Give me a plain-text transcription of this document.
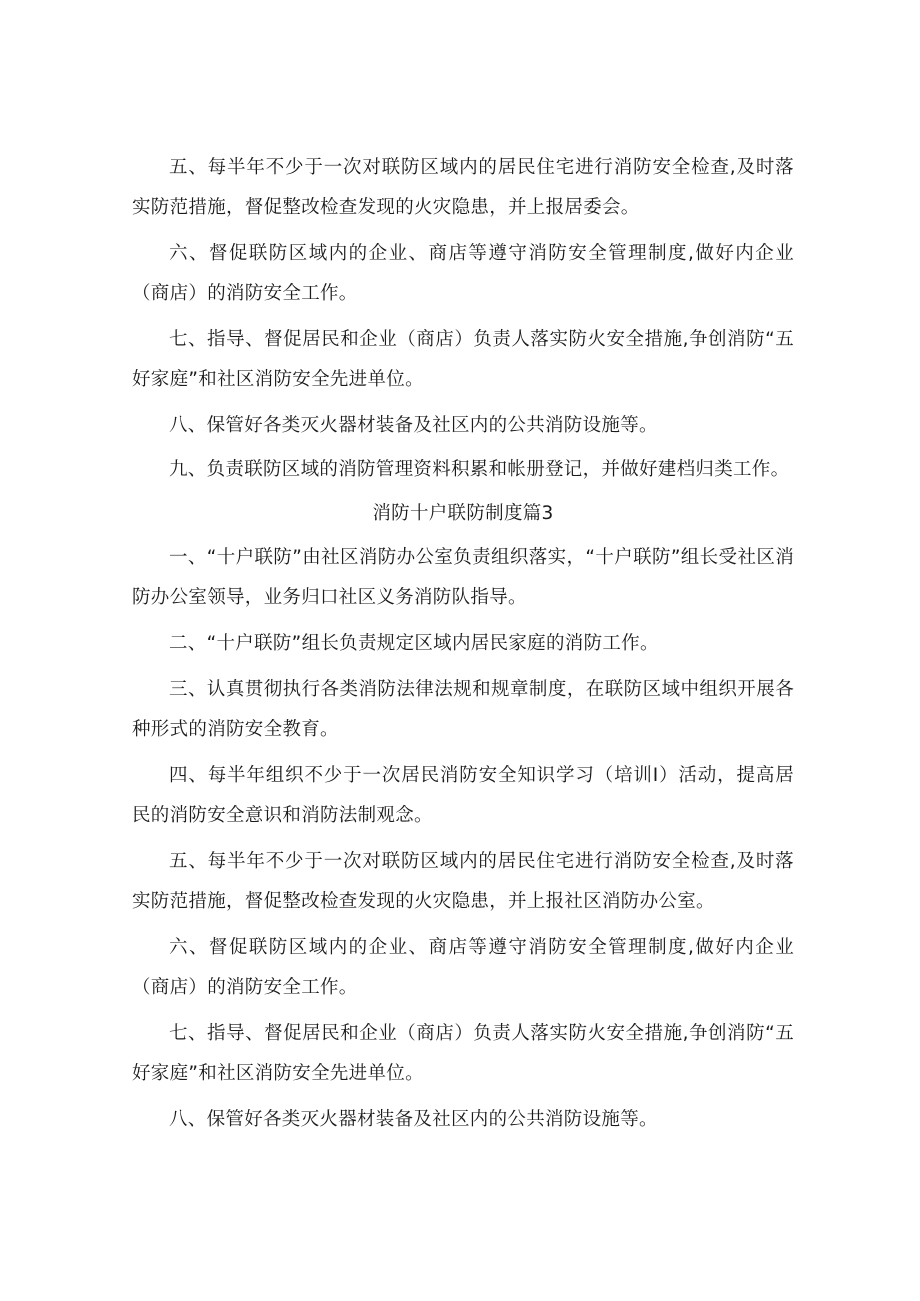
五、每半年不少于一次对联防区域内的居民住宅进行消防安全检查,及时落实防范措施，督促整改检查发现的火灾隐患，并上报居委会。

六、督促联防区域内的企业、商店等遵守消防安全管理制度,做好内企业（商店）的消防安全工作。

七、指导、督促居民和企业（商店）负责人落实防火安全措施,争创消防“五好家庭”和社区消防安全先进单位。

八、保管好各类灭火器材装备及社区内的公共消防设施等。

九、负责联防区域的消防管理资料积累和帐册登记，并做好建档归类工作。

消防十户联防制度篇3

一、“十户联防”由社区消防办公室负责组织落实，“十户联防”组长受社区消防办公室领导，业务归口社区义务消防队指导。

二、“十户联防”组长负责规定区域内居民家庭的消防工作。

三、认真贯彻执行各类消防法律法规和规章制度，在联防区域中组织开展各种形式的消防安全教育。

四、每半年组织不少于一次居民消防安全知识学习（培训I）活动，提高居民的消防安全意识和消防法制观念。

五、每半年不少于一次对联防区域内的居民住宅进行消防安全检查,及时落实防范措施，督促整改检查发现的火灾隐患，并上报社区消防办公室。

六、督促联防区域内的企业、商店等遵守消防安全管理制度,做好内企业（商店）的消防安全工作。

七、指导、督促居民和企业（商店）负责人落实防火安全措施,争创消防“五好家庭”和社区消防安全先进单位。

八、保管好各类灭火器材装备及社区内的公共消防设施等。
